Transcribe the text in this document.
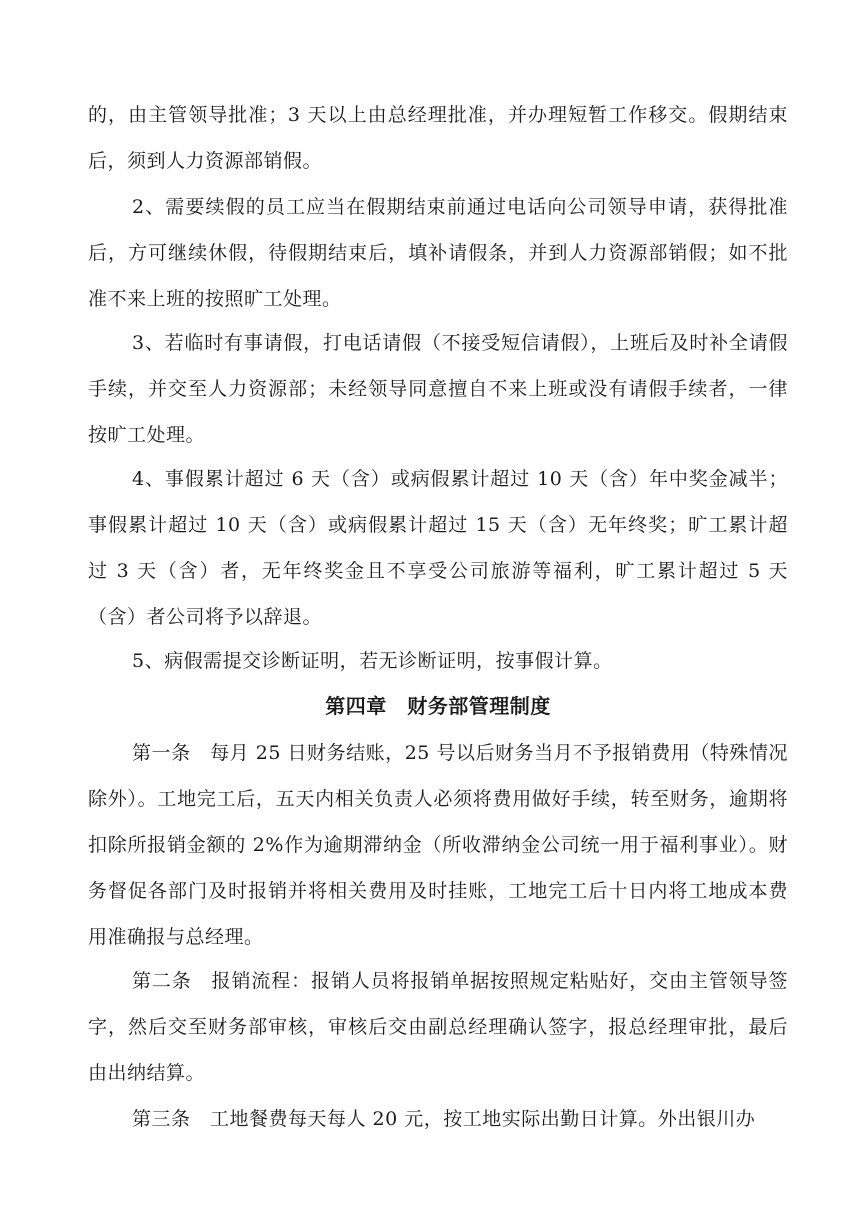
的，由主管领导批准；3 天以上由总经理批准，并办理短暂工作移交。假期结束后，须到人力资源部销假。

2、需要续假的员工应当在假期结束前通过电话向公司领导申请，获得批准后，方可继续休假，待假期结束后，填补请假条，并到人力资源部销假；如不批准不来上班的按照旷工处理。

3、若临时有事请假，打电话请假（不接受短信请假），上班后及时补全请假手续，并交至人力资源部；未经领导同意擅自不来上班或没有请假手续者，一律按旷工处理。

4、事假累计超过 6 天（含）或病假累计超过 10 天（含）年中奖金减半；事假累计超过 10 天（含）或病假累计超过 15 天（含）无年终奖；旷工累计超过 3 天（含）者，无年终奖金且不享受公司旅游等福利，旷工累计超过 5 天（含）者公司将予以辞退。

5、病假需提交诊断证明，若无诊断证明，按事假计算。

第四章　财务部管理制度

第一条　每月 25 日财务结账，25 号以后财务当月不予报销费用（特殊情况除外）。工地完工后，五天内相关负责人必须将费用做好手续，转至财务，逾期将扣除所报销金额的 2%作为逾期滞纳金（所收滞纳金公司统一用于福利事业）。财务督促各部门及时报销并将相关费用及时挂账，工地完工后十日内将工地成本费用准确报与总经理。

第二条　报销流程：报销人员将报销单据按照规定粘贴好，交由主管领导签字，然后交至财务部审核，审核后交由副总经理确认签字，报总经理审批，最后由出纳结算。

第三条　工地餐费每天每人 20 元，按工地实际出勤日计算。外出银川办
